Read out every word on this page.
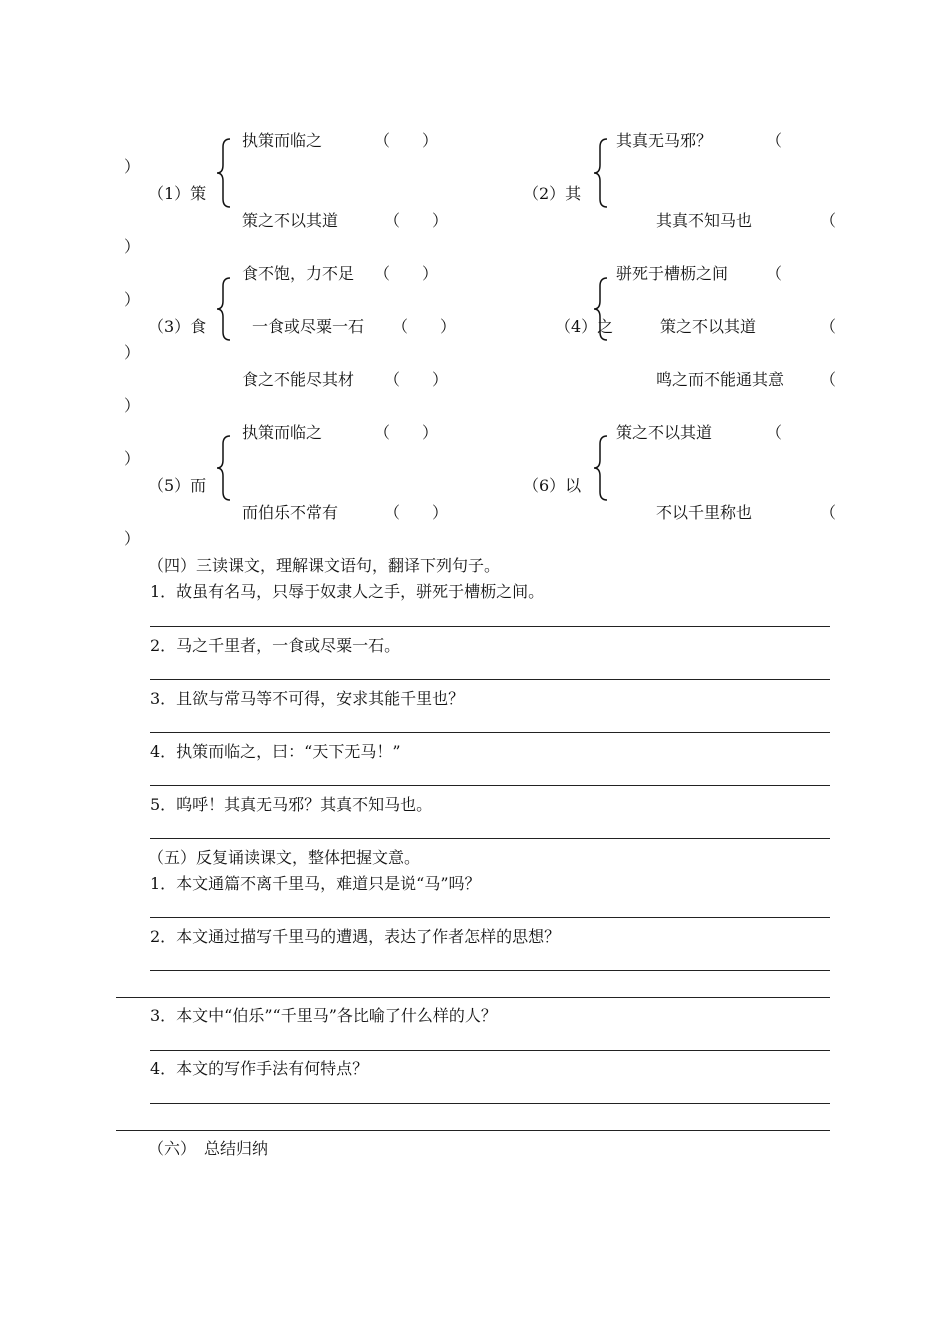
执策而临之	（　　）	其真无马邪？	（
）
（1）策	（2）其
策之不以其道	（　　）	其真不知马也	（
）
食不饱，力不足 （　　）	骈死于槽枥之间 （
）
（3）食	一食或尽粟一石 （　　）	（4）之	策之不以其道	（
）
食之不能尽其材 （　　）	鸣之而不能通其意 （
）
执策而临之	（　　）	策之不以其道	（
）
（5）而	（6）以
而伯乐不常有	（　　）	不以千里称也	（
）
（四）三读课文，理解课文语句，翻译下列句子。
1．故虽有名马，只辱于奴隶人之手，骈死于槽枥之间。
2．马之千里者，一食或尽粟一石。
3．且欲与常马等不可得，安求其能千里也？
4．执策而临之，曰：“天下无马！”
5．呜呼！其真无马邪？其真不知马也。
（五）反复诵读课文，整体把握文意。
1．本文通篇不离千里马，难道只是说“马”吗？
2．本文通过描写千里马的遭遇，表达了作者怎样的思想？
3．本文中“伯乐”“千里马”各比喻了什么样的人？
4．本文的写作手法有何特点？
（六）　总结归纳
